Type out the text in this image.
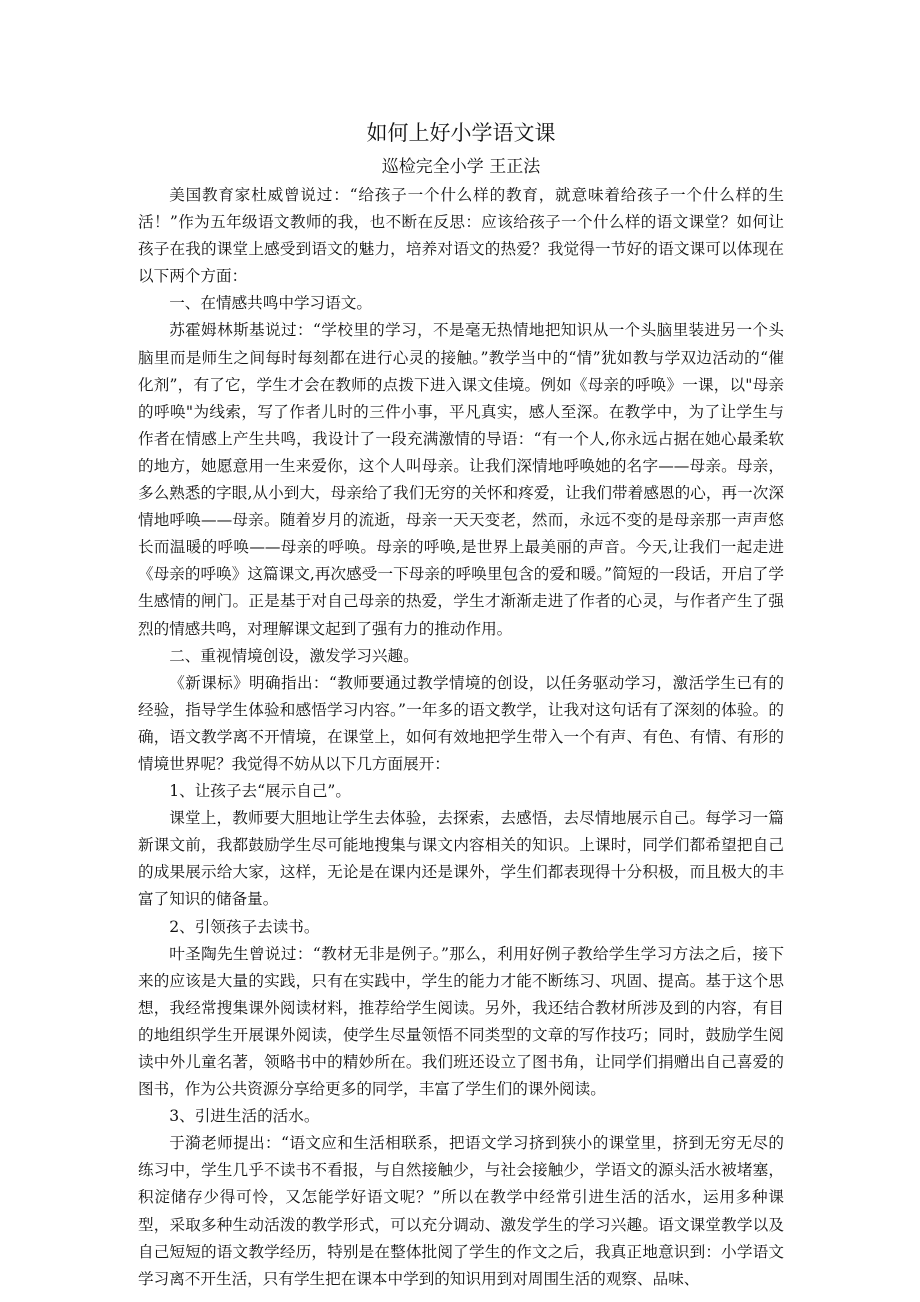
如何上好小学语文课
巡检完全小学 王正法

美国教育家杜威曾说过：“给孩子一个什么样的教育，就意味着给孩子一个什么样的生活！”作为五年级语文教师的我，也不断在反思：应该给孩子一个什么样的语文课堂？如何让孩子在我的课堂上感受到语文的魅力，培养对语文的热爱？我觉得一节好的语文课可以体现在以下两个方面：

一、在情感共鸣中学习语文。

苏霍姆林斯基说过：“学校里的学习，不是毫无热情地把知识从一个头脑里装进另一个头脑里而是师生之间每时每刻都在进行心灵的接触。”教学当中的“情”犹如教与学双边活动的“催化剂”，有了它，学生才会在教师的点拨下进入课文佳境。例如《母亲的呼唤》一课，以"母亲的呼唤"为线索，写了作者儿时的三件小事，平凡真实，感人至深。在教学中，为了让学生与作者在情感上产生共鸣，我设计了一段充满激情的导语：“有一个人,你永远占据在她心最柔软的地方，她愿意用一生来爱你，这个人叫母亲。让我们深情地呼唤她的名字——母亲。母亲，多么熟悉的字眼,从小到大，母亲给了我们无穷的关怀和疼爱，让我们带着感恩的心，再一次深情地呼唤——母亲。随着岁月的流逝，母亲一天天变老，然而，永远不变的是母亲那一声声悠长而温暖的呼唤——母亲的呼唤。母亲的呼唤,是世界上最美丽的声音。今天,让我们一起走进《母亲的呼唤》这篇课文,再次感受一下母亲的呼唤里包含的爱和暖。”简短的一段话，开启了学生感情的闸门。正是基于对自己母亲的热爱，学生才渐渐走进了作者的心灵，与作者产生了强烈的情感共鸣，对理解课文起到了强有力的推动作用。

二、重视情境创设，激发学习兴趣。

《新课标》明确指出：“教师要通过教学情境的创设，以任务驱动学习，激活学生已有的经验，指导学生体验和感悟学习内容。”一年多的语文教学，让我对这句话有了深刻的体验。的确，语文教学离不开情境，在课堂上，如何有效地把学生带入一个有声、有色、有情、有形的情境世界呢？我觉得不妨从以下几方面展开：

1、让孩子去“展示自己”。

课堂上，教师要大胆地让学生去体验，去探索，去感悟，去尽情地展示自己。每学习一篇新课文前，我都鼓励学生尽可能地搜集与课文内容相关的知识。上课时，同学们都希望把自己的成果展示给大家，这样，无论是在课内还是课外，学生们都表现得十分积极，而且极大的丰富了知识的储备量。

2、引领孩子去读书。

叶圣陶先生曾说过：“教材无非是例子。”那么，利用好例子教给学生学习方法之后，接下来的应该是大量的实践，只有在实践中，学生的能力才能不断练习、巩固、提高。基于这个思想，我经常搜集课外阅读材料，推荐给学生阅读。另外，我还结合教材所涉及到的内容，有目的地组织学生开展课外阅读，使学生尽量领悟不同类型的文章的写作技巧；同时，鼓励学生阅读中外儿童名著，领略书中的精妙所在。我们班还设立了图书角，让同学们捐赠出自己喜爱的图书，作为公共资源分享给更多的同学，丰富了学生们的课外阅读。

3、引进生活的活水。

于漪老师提出：“语文应和生活相联系，把语文学习挤到狭小的课堂里，挤到无穷无尽的练习中，学生几乎不读书不看报，与自然接触少，与社会接触少，学语文的源头活水被堵塞，积淀储存少得可怜，又怎能学好语文呢？”所以在教学中经常引进生活的活水，运用多种课型，采取多种生动活泼的教学形式，可以充分调动、激发学生的学习兴趣。语文课堂教学以及自己短短的语文教学经历，特别是在整体批阅了学生的作文之后，我真正地意识到：小学语文学习离不开生活，只有学生把在课本中学到的知识用到对周围生活的观察、品味、
